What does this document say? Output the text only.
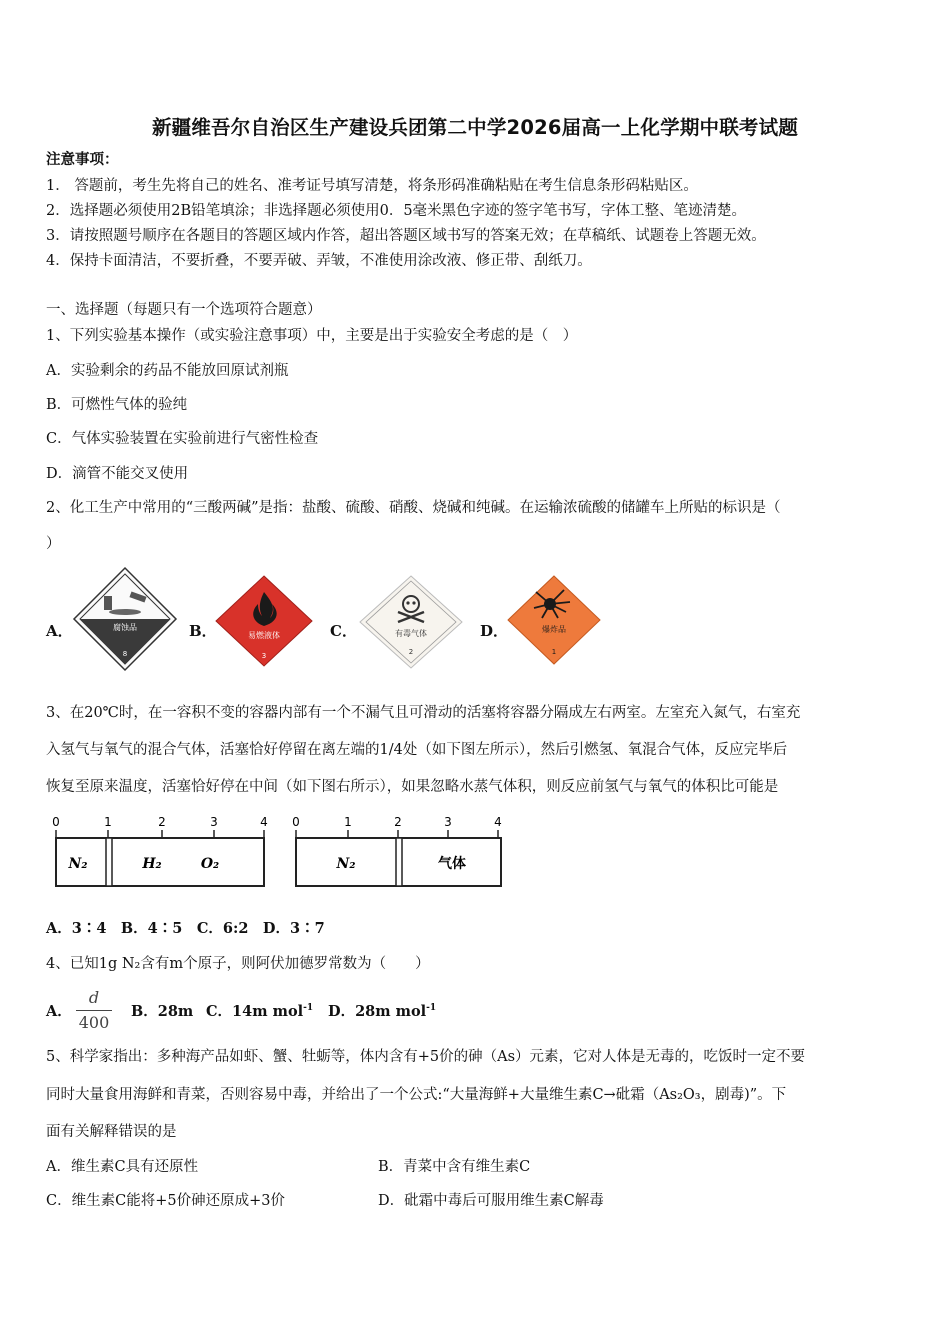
新疆维吾尔自治区生产建设兵团第二中学2026届高一上化学期中联考试题
注意事项：
1． 答题前，考生先将自己的姓名、准考证号填写清楚，将条形码准确粘贴在考生信息条形码粘贴区。
2．选择题必须使用2B铅笔填涂；非选择题必须使用0．5毫米黑色字迹的签字笔书写，字体工整、笔迹清楚。
3．请按照题号顺序在各题目的答题区域内作答，超出答题区域书写的答案无效；在草稿纸、试题卷上答题无效。
4．保持卡面清洁，不要折叠，不要弄破、弄皱，不准使用涂改液、修正带、刮纸刀。
一、选择题（每题只有一个选项符合题意）
1、下列实验基本操作（或实验注意事项）中，主要是出于实验安全考虑的是（　）
A．实验剩余的药品不能放回原试剂瓶
B．可燃性气体的验纯
C．气体实验装置在实验前进行气密性检查
D．滴管不能交叉使用
2、化工生产中常用的“三酸两碱”是指：盐酸、硫酸、硝酸、烧碱和纯碱。在运输浓硫酸的储罐车上所贴的标识是（
）
A．	腐蚀品
8
B．	易燃液体
3
C．	有毒气体
2
D．	爆炸品
1
3、在20℃时，在一容积不变的容器内部有一个不漏气且可滑动的活塞将容器分隔成左右两室。左室充入氮气，右室充
入氢气与氧气的混合气体，活塞恰好停留在离左端的1/4处（如下图左所示），然后引燃氢、氧混合气体，反应完毕后
恢复至原来温度，活塞恰好停在中间（如下图右所示），如果忽略水蒸气体积，则反应前氢气与氧气的体积比可能是
0	1	2	3	4
N₂	H₂	O₂
0	1	2	3	4
N₂	气体
A．3∶4　B．4∶5　C．6:2　D．3∶7
4、已知1g N₂含有m个原子，则阿伏加德罗常数为（　　）
A．
d
400
B．28m C．14m mol$^{-1}$ D．28m mol$^{-1}$
5、科学家指出：多种海产品如虾、蟹、牡蛎等，体内含有+5价的砷（As）元素，它对人体是无毒的，吃饭时一定不要
同时大量食用海鲜和青菜，否则容易中毒，并给出了一个公式:“大量海鲜+大量维生素C→砒霜（As₂O₃，剧毒)”。下
面有关解释错误的是
A．维生素C具有还原性	B．青菜中含有维生素C
C．维生素C能将+5价砷还原成+3价	D．砒霜中毒后可服用维生素C解毒
